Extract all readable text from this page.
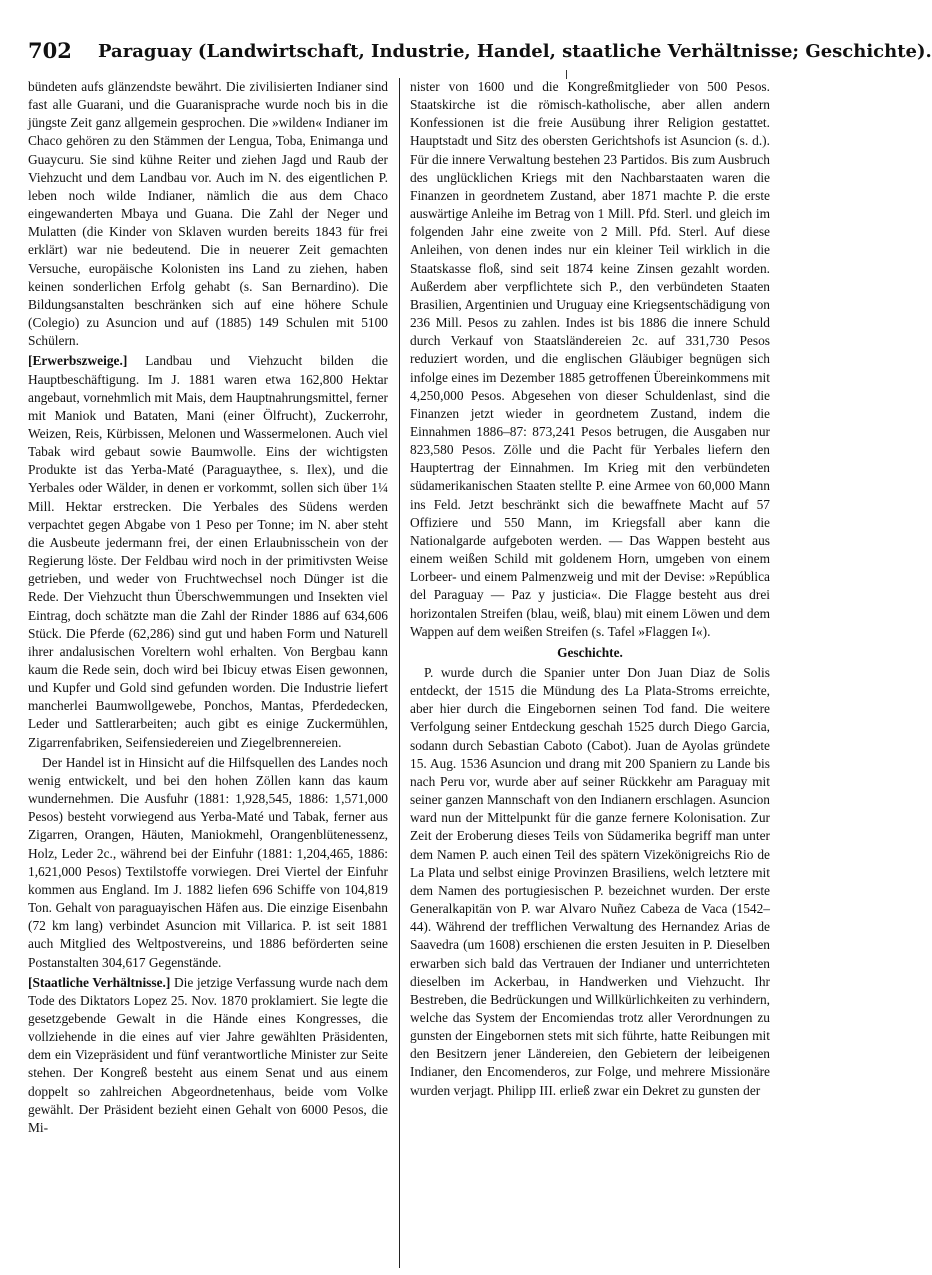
702 Paraguay (Landwirtschaft, Industrie, Handel, staatliche Verhältnisse; Geschichte).

bündeten aufs glänzendste bewährt. Die zivilisierten Indianer sind fast alle Guarani, und die Guaranisprache wurde noch bis in die jüngste Zeit ganz allgemein gesprochen. Die »wilden« Indianer im Chaco gehören zu den Stämmen der Lengua, Toba, Enimanga und Guaycuru. Sie sind kühne Reiter und ziehen Jagd und Raub der Viehzucht und dem Landbau vor. Auch im N. des eigentlichen P. leben noch wilde Indianer, nämlich die aus dem Chaco eingewanderten Mbaya und Guana. Die Zahl der Neger und Mulatten (die Kinder von Sklaven wurden bereits 1843 für frei erklärt) war nie bedeutend. Die in neuerer Zeit gemachten Versuche, europäische Kolonisten ins Land zu ziehen, haben keinen sonderlichen Erfolg gehabt (s. San Bernardino). Die Bildungsanstalten beschränken sich auf eine höhere Schule (Colegio) zu Asuncion und auf (1885) 149 Schulen mit 5100 Schülern.

[Erwerbszweige.] Landbau und Viehzucht bilden die Hauptbeschäftigung. Im J. 1881 waren etwa 162,800 Hektar angebaut, vornehmlich mit Mais, dem Hauptnahrungsmittel, ferner mit Maniok und Bataten, Mani (einer Ölfrucht), Zuckerrohr, Weizen, Reis, Kürbissen, Melonen und Wassermelonen. Auch viel Tabak wird gebaut sowie Baumwolle. Eins der wichtigsten Produkte ist das Yerba-Maté (Paraguaythee, s. Ilex), und die Yerbales oder Wälder, in denen er vorkommt, sollen sich über 1¼ Mill. Hektar erstrecken. Die Yerbales des Südens werden verpachtet gegen Abgabe von 1 Peso per Tonne; im N. aber steht die Ausbeute jedermann frei, der einen Erlaubnisschein von der Regierung löste. Der Feldbau wird noch in der primitivsten Weise getrieben, und weder von Fruchtwechsel noch Dünger ist die Rede. Der Viehzucht thun Überschwemmungen und Insekten viel Eintrag, doch schätzte man die Zahl der Rinder 1886 auf 634,606 Stück. Die Pferde (62,286) sind gut und haben Form und Naturell ihrer andalusischen Voreltern wohl erhalten. Von Bergbau kann kaum die Rede sein, doch wird bei Ibicuy etwas Eisen gewonnen, und Kupfer und Gold sind gefunden worden. Die Industrie liefert mancherlei Baumwollgewebe, Ponchos, Mantas, Pferdedecken, Leder und Sattlerarbeiten; auch gibt es einige Zuckermühlen, Zigarrenfabriken, Seifensiedereien und Ziegelbrennereien.

Der Handel ist in Hinsicht auf die Hilfsquellen des Landes noch wenig entwickelt, und bei den hohen Zöllen kann das kaum wundernehmen. Die Ausfuhr (1881: 1,928,545, 1886: 1,571,000 Pesos) besteht vorwiegend aus Yerba-Maté und Tabak, ferner aus Zigarren, Orangen, Häuten, Maniokmehl, Orangenblütenessenz, Holz, Leder 2c., während bei der Einfuhr (1881: 1,204,465, 1886: 1,621,000 Pesos) Textilstoffe vorwiegen. Drei Viertel der Einfuhr kommen aus England. Im J. 1882 liefen 696 Schiffe von 104,819 Ton. Gehalt von paraguayischen Häfen aus. Die einzige Eisenbahn (72 km lang) verbindet Asuncion mit Villarica. P. ist seit 1881 auch Mitglied des Weltpostvereins, und 1886 beförderten seine Postanstalten 304,617 Gegenstände.

[Staatliche Verhältnisse.] Die jetzige Verfassung wurde nach dem Tode des Diktators Lopez 25. Nov. 1870 proklamiert. Sie legte die gesetzgebende Gewalt in die Hände eines Kongresses, die vollziehende in die eines auf vier Jahre gewählten Präsidenten, dem ein Vizepräsident und fünf verantwortliche Minister zur Seite stehen. Der Kongreß besteht aus einem Senat und aus einem doppelt so zahlreichen Abgeordnetenhaus, beide vom Volke gewählt. Der Präsident bezieht einen Gehalt von 6000 Pesos, die Mi-

nister von 1600 und die Kongreßmitglieder von 500 Pesos. Staatskirche ist die römisch-katholische, aber allen andern Konfessionen ist die freie Ausübung ihrer Religion gestattet. Hauptstadt und Sitz des obersten Gerichtshofs ist Asuncion (s. d.). Für die innere Verwaltung bestehen 23 Partidos. Bis zum Ausbruch des unglücklichen Kriegs mit den Nachbarstaaten waren die Finanzen in geordnetem Zustand, aber 1871 machte P. die erste auswärtige Anleihe im Betrag von 1 Mill. Pfd. Sterl. und gleich im folgenden Jahr eine zweite von 2 Mill. Pfd. Sterl. Auf diese Anleihen, von denen indes nur ein kleiner Teil wirklich in die Staatskasse floß, sind seit 1874 keine Zinsen gezahlt worden. Außerdem aber verpflichtete sich P., den verbündeten Staaten Brasilien, Argentinien und Uruguay eine Kriegsentschädigung von 236 Mill. Pesos zu zahlen. Indes ist bis 1886 die innere Schuld durch Verkauf von Staatsländereien 2c. auf 331,730 Pesos reduziert worden, und die englischen Gläubiger begnügen sich infolge eines im Dezember 1885 getroffenen Übereinkommens mit 4,250,000 Pesos. Abgesehen von dieser Schuldenlast, sind die Finanzen jetzt wieder in geordnetem Zustand, indem die Einnahmen 1886–87: 873,241 Pesos betrugen, die Ausgaben nur 823,580 Pesos. Zölle und die Pacht für Yerbales liefern den Hauptertrag der Einnahmen. Im Krieg mit den verbündeten südamerikanischen Staaten stellte P. eine Armee von 60,000 Mann ins Feld. Jetzt beschränkt sich die bewaffnete Macht auf 57 Offiziere und 550 Mann, im Kriegsfall aber kann die Nationalgarde aufgeboten werden. — Das Wappen besteht aus einem weißen Schild mit goldenem Horn, umgeben von einem Lorbeer- und einem Palmenzweig und mit der Devise: »República del Paraguay — Paz y justicia«. Die Flagge besteht aus drei horizontalen Streifen (blau, weiß, blau) mit einem Löwen und dem Wappen auf dem weißen Streifen (s. Tafel »Flaggen I«).

Geschichte.

P. wurde durch die Spanier unter Don Juan Diaz de Solis entdeckt, der 1515 die Mündung des La Plata-Stroms erreichte, aber hier durch die Eingebornen seinen Tod fand. Die weitere Verfolgung seiner Entdeckung geschah 1525 durch Diego Garcia, sodann durch Sebastian Caboto (Cabot). Juan de Ayolas gründete 15. Aug. 1536 Asuncion und drang mit 200 Spaniern zu Lande bis nach Peru vor, wurde aber auf seiner Rückkehr am Paraguay mit seiner ganzen Mannschaft von den Indianern erschlagen. Asuncion ward nun der Mittelpunkt für die ganze fernere Kolonisation. Zur Zeit der Eroberung dieses Teils von Südamerika begriff man unter dem Namen P. auch einen Teil des spätern Vizekönigreichs Rio de La Plata und selbst einige Provinzen Brasiliens, welch letztere mit dem Namen des portugiesischen P. bezeichnet wurden. Der erste Generalkapitän von P. war Alvaro Nuñez Cabeza de Vaca (1542–44). Während der trefflichen Verwaltung des Hernandez Arias de Saavedra (um 1608) erschienen die ersten Jesuiten in P. Dieselben erwarben sich bald das Vertrauen der Indianer und unterrichteten dieselben im Ackerbau, in Handwerken und Viehzucht. Ihr Bestreben, die Bedrückungen und Willkürlichkeiten zu verhindern, welche das System der Encomiendas trotz aller Verordnungen zu gunsten der Eingebornen stets mit sich führte, hatte Reibungen mit den Besitzern jener Ländereien, den Gebietern der leibeigenen Indianer, den Encomenderos, zur Folge, und mehrere Missionäre wurden verjagt. Philipp III. erließ zwar ein Dekret zu gunsten der
